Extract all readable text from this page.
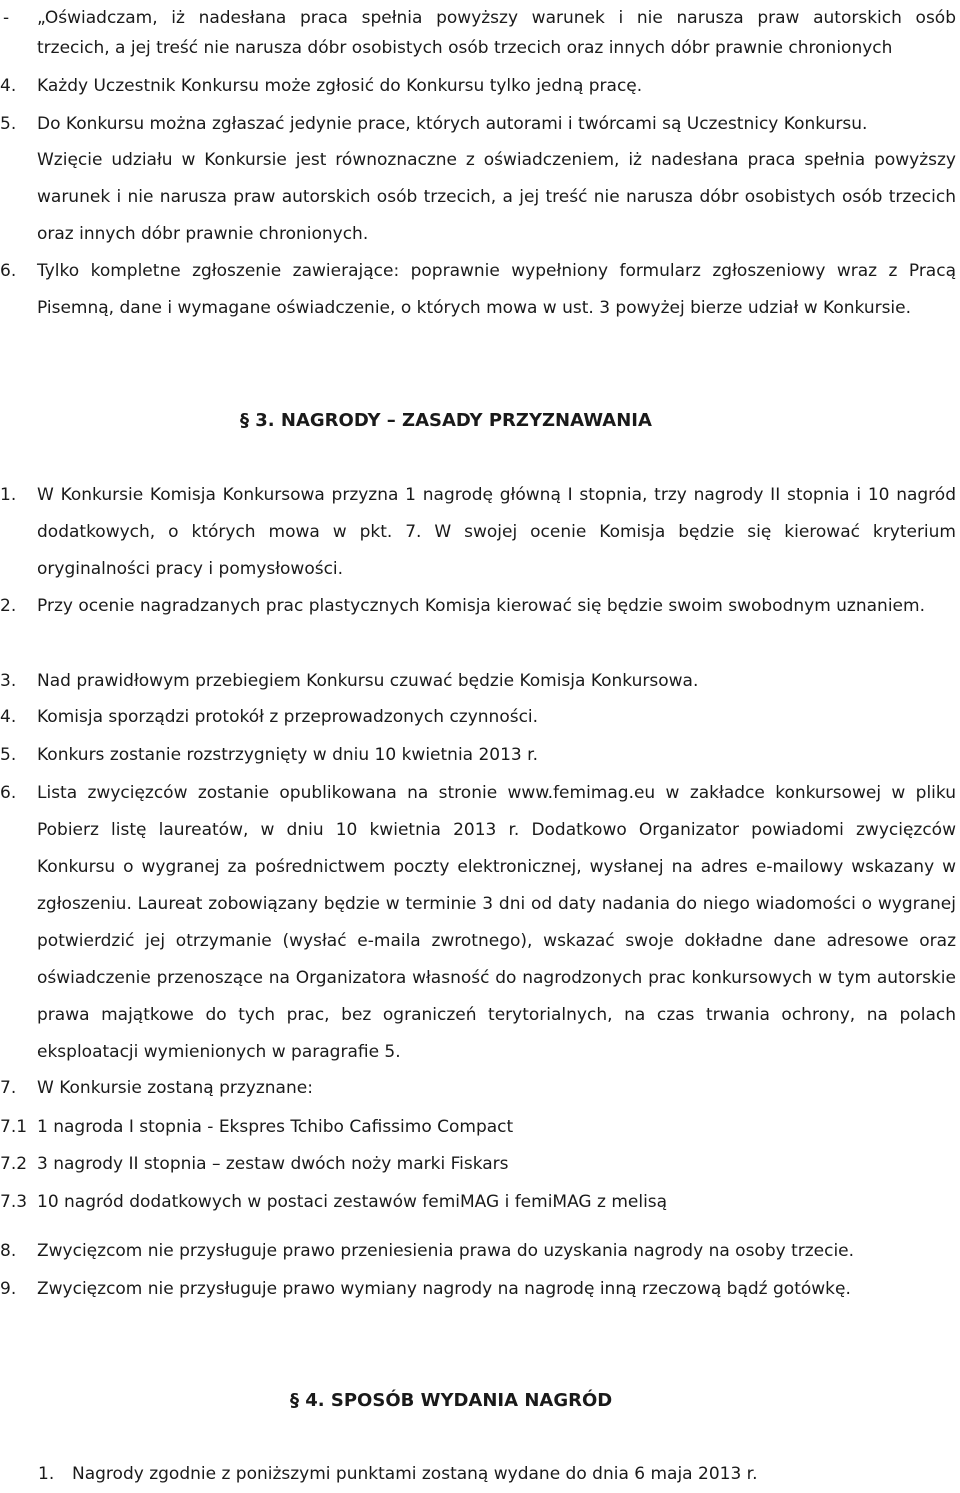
-	„Oświadczam, iż nadesłana praca spełnia powyższy warunek i nie narusza praw autorskich osób
trzecich, a jej treść nie narusza dóbr osobistych osób trzecich oraz innych dóbr prawnie chronionych
4.	Każdy Uczestnik Konkursu może zgłosić do Konkursu tylko jedną pracę.
5.	Do Konkursu można zgłaszać jedynie prace, których autorami i twórcami są Uczestnicy Konkursu.
Wzięcie udziału w Konkursie jest równoznaczne z oświadczeniem, iż nadesłana praca spełnia powyższy warunek i nie narusza praw autorskich osób trzecich, a jej treść nie narusza dóbr osobistych osób trzecich oraz innych dóbr prawnie chronionych.
6.	Tylko kompletne zgłoszenie zawierające: poprawnie wypełniony formularz zgłoszeniowy wraz z Pracą Pisemną, dane i wymagane oświadczenie, o których mowa w ust. 3 powyżej bierze udział w Konkursie.
§ 3. NAGRODY – ZASADY PRZYZNAWANIA
1.	W Konkursie Komisja Konkursowa przyzna 1 nagrodę główną I stopnia, trzy nagrody II stopnia i 10 nagród dodatkowych, o których mowa w pkt. 7. W swojej ocenie Komisja będzie się kierować kryterium oryginalności pracy i pomysłowości.
2.	Przy ocenie nagradzanych prac plastycznych Komisja kierować się będzie swoim swobodnym uznaniem.
3.	Nad prawidłowym przebiegiem Konkursu czuwać będzie Komisja Konkursowa.
4.	Komisja sporządzi protokół z przeprowadzonych czynności.
5.	Konkurs zostanie rozstrzygnięty w dniu 10 kwietnia 2013 r.
6.	Lista zwycięzców zostanie opublikowana na stronie www.femimag.eu w zakładce konkursowej w pliku Pobierz listę laureatów, w dniu 10 kwietnia 2013 r. Dodatkowo Organizator powiadomi zwycięzców Konkursu o wygranej za pośrednictwem poczty elektronicznej, wysłanej na adres e-mailowy wskazany w zgłoszeniu. Laureat zobowiązany będzie w terminie 3 dni od daty nadania do niego wiadomości o wygranej potwierdzić jej otrzymanie (wysłać e-maila zwrotnego), wskazać swoje dokładne dane adresowe oraz oświadczenie przenoszące na Organizatora własność do nagrodzonych prac konkursowych w tym autorskie prawa majątkowe do tych prac, bez ograniczeń terytorialnych, na czas trwania ochrony, na polach eksploatacji wymienionych w paragrafie 5.
7.	W Konkursie zostaną przyznane:
7.1 1 nagroda I stopnia - Ekspres Tchibo Cafissimo Compact
7.2 3 nagrody II stopnia – zestaw dwóch noży marki Fiskars
7.3 10 nagród dodatkowych w postaci zestawów femiMAG i femiMAG z melisą
8.	Zwycięzcom nie przysługuje prawo przeniesienia prawa do uzyskania nagrody na osoby trzecie.
9.	Zwycięzcom nie przysługuje prawo wymiany nagrody na nagrodę inną rzeczową bądź gotówkę.
§ 4. SPOSÓB WYDANIA NAGRÓD
1.	Nagrody zgodnie z poniższymi punktami zostaną wydane do dnia 6 maja 2013 r.
